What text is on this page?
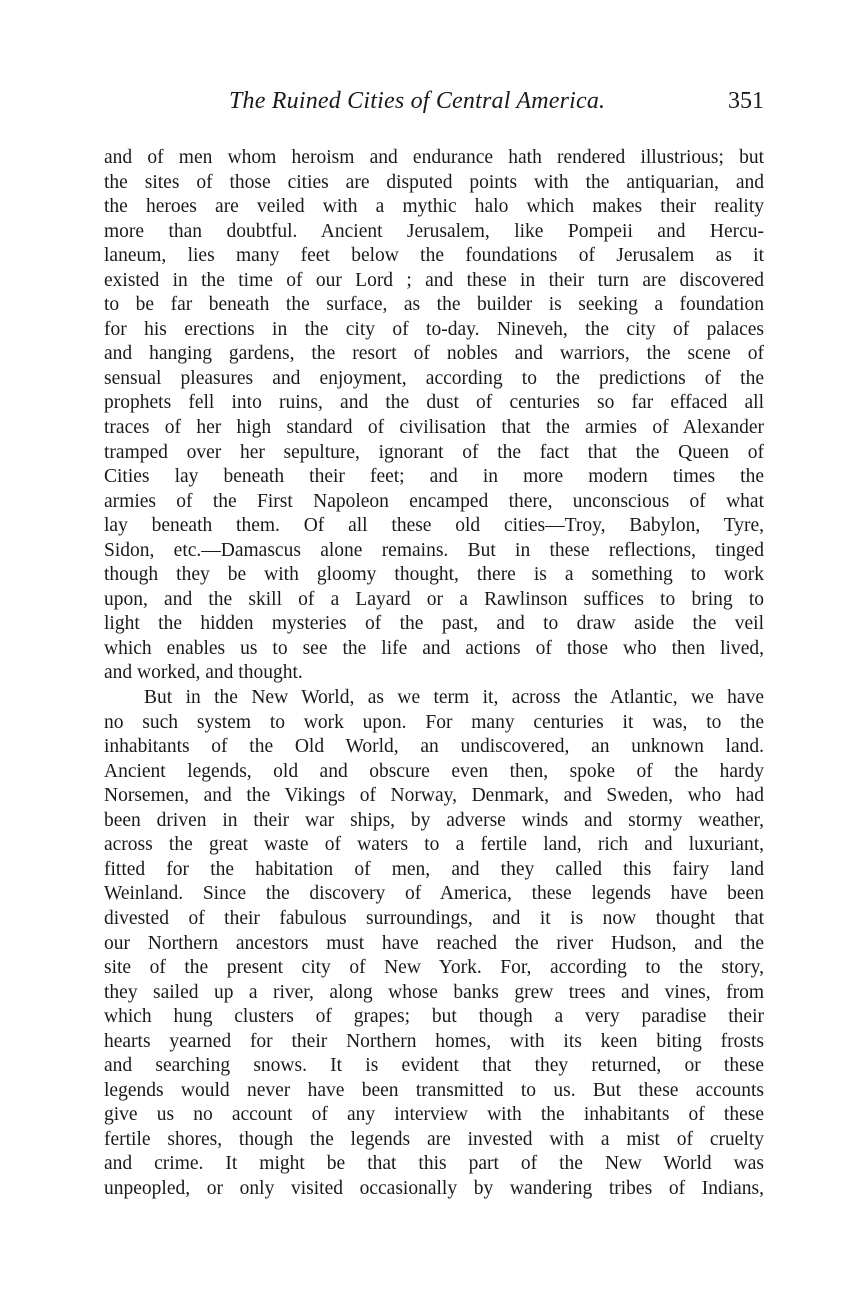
The Ruined Cities of Central America.	351
and of men whom heroism and endurance hath rendered illustrious; but
the sites of those cities are disputed points with the antiquarian, and
the heroes are veiled with a mythic halo which makes their reality
more than doubtful. Ancient Jerusalem, like Pompeii and Hercu-
laneum, lies many feet below the foundations of Jerusalem as it
existed in the time of our Lord ; and these in their turn are discovered
to be far beneath the surface, as the builder is seeking a foundation
for his erections in the city of to-day. Nineveh, the city of palaces
and hanging gardens, the resort of nobles and warriors, the scene of
sensual pleasures and enjoyment, according to the predictions of the
prophets fell into ruins, and the dust of centuries so far effaced all
traces of her high standard of civilisation that the armies of Alexander
tramped over her sepulture, ignorant of the fact that the Queen of
Cities lay beneath their feet; and in more modern times the
armies of the First Napoleon encamped there, unconscious of what
lay beneath them. Of all these old cities—Troy, Babylon, Tyre,
Sidon, etc.—Damascus alone remains. But in these reflections, tinged
though they be with gloomy thought, there is a something to work
upon, and the skill of a Layard or a Rawlinson suffices to bring to
light the hidden mysteries of the past, and to draw aside the veil
which enables us to see the life and actions of those who then lived,
and worked, and thought.
But in the New World, as we term it, across the Atlantic, we have
no such system to work upon. For many centuries it was, to the
inhabitants of the Old World, an undiscovered, an unknown land.
Ancient legends, old and obscure even then, spoke of the hardy
Norsemen, and the Vikings of Norway, Denmark, and Sweden, who had
been driven in their war ships, by adverse winds and stormy weather,
across the great waste of waters to a fertile land, rich and luxuriant,
fitted for the habitation of men, and they called this fairy land
Weinland. Since the discovery of America, these legends have been
divested of their fabulous surroundings, and it is now thought that
our Northern ancestors must have reached the river Hudson, and the
site of the present city of New York. For, according to the story,
they sailed up a river, along whose banks grew trees and vines, from
which hung clusters of grapes; but though a very paradise their
hearts yearned for their Northern homes, with its keen biting frosts
and searching snows. It is evident that they returned, or these
legends would never have been transmitted to us. But these accounts
give us no account of any interview with the inhabitants of these
fertile shores, though the legends are invested with a mist of cruelty
and crime. It might be that this part of the New World was
unpeopled, or only visited occasionally by wandering tribes of Indians,
